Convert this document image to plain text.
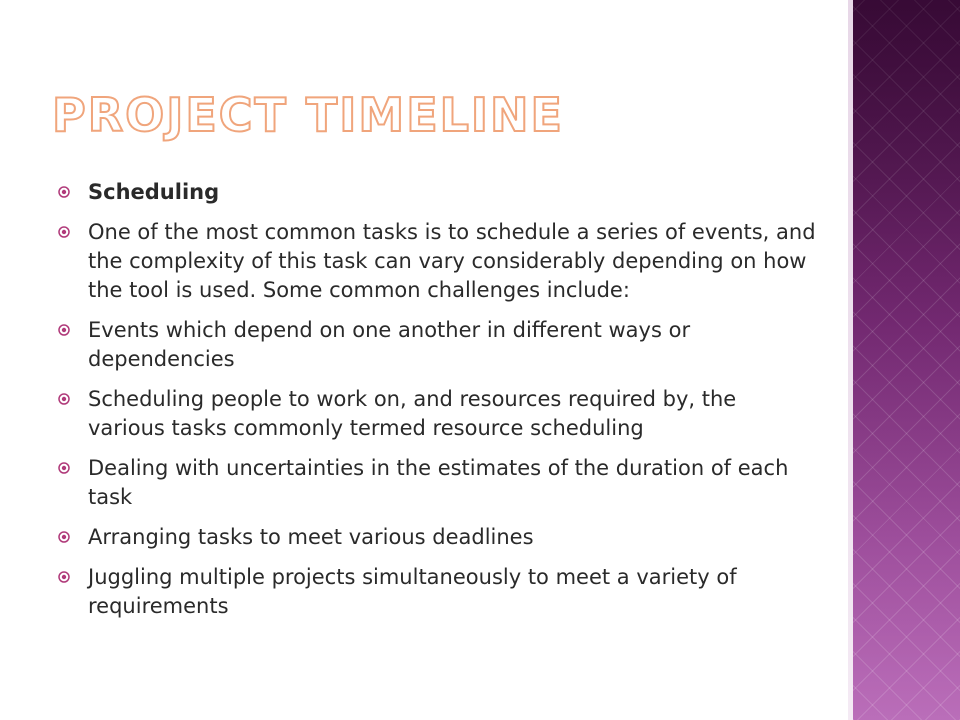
PROJECT TIMELINE
Scheduling
One of the most common tasks is to schedule a series of events, and the complexity of this task can vary considerably depending on how the tool is used. Some common challenges include:
Events which depend on one another in different ways or dependencies
Scheduling people to work on, and resources required by, the various tasks commonly termed resource scheduling
Dealing with uncertainties in the estimates of the duration of each task
Arranging tasks to meet various deadlines
Juggling multiple projects simultaneously to meet a variety of requirements
